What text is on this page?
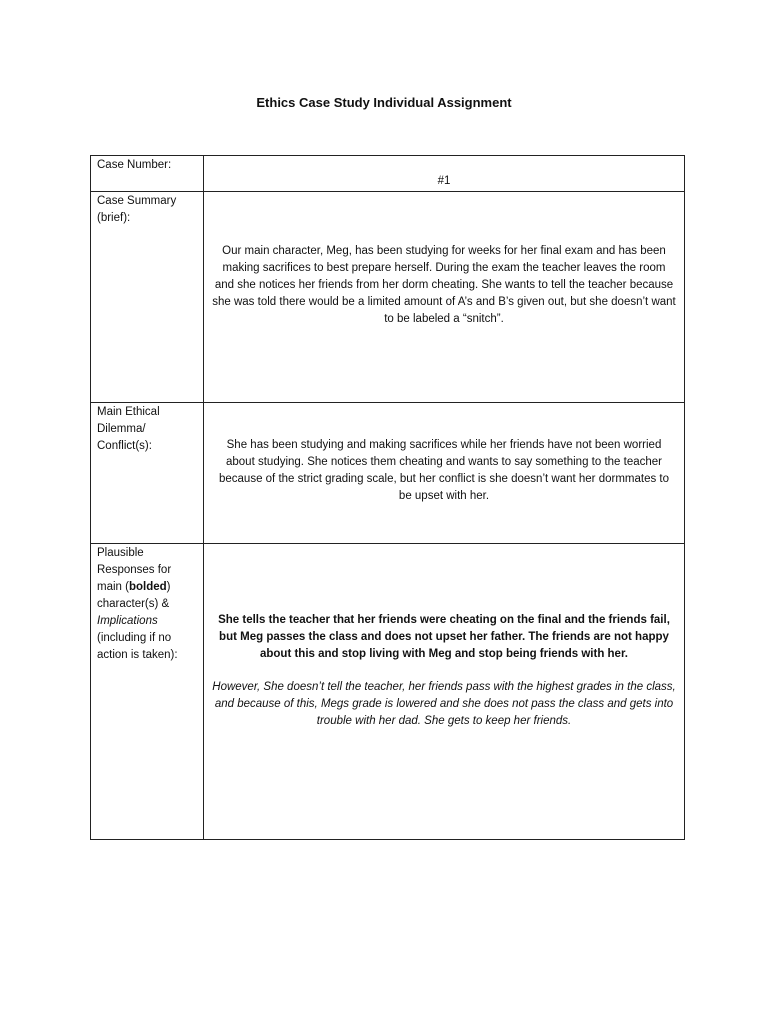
Ethics Case Study Individual Assignment
Case Number:	#1

Case Summary (brief):	Our main character, Meg, has been studying for weeks for her final exam and has been making sacrifices to best prepare herself. During the exam the teacher leaves the room and she notices her friends from her dorm cheating. She wants to tell the teacher because she was told there would be a limited amount of A’s and B’s given out, but she doesn’t want to be labeled a “snitch”.

Main Ethical Dilemma/ Conflict(s):	She has been studying and making sacrifices while her friends have not been worried about studying. She notices them cheating and wants to say something to the teacher because of the strict grading scale, but her conflict is she doesn’t want her dormmates to be upset with her.

Plausible Responses for main (bolded) character(s) & Implications (including if no action is taken):	She tells the teacher that her friends were cheating on the final and the friends fail, but Meg passes the class and does not upset her father. The friends are not happy about this and stop living with Meg and stop being friends with her.
However, She doesn’t tell the teacher, her friends pass with the highest grades in the class, and because of this, Megs grade is lowered and she does not pass the class and gets into trouble with her dad. She gets to keep her friends.
